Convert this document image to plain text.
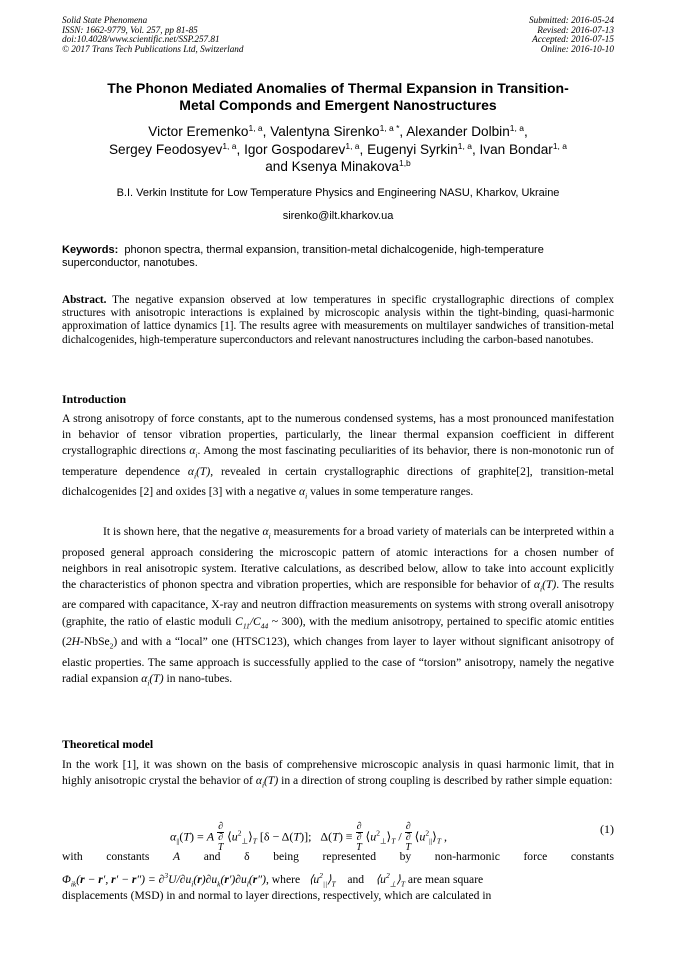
Solid State Phenomena
ISSN: 1662-9779, Vol. 257, pp 81-85
doi:10.4028/www.scientific.net/SSP.257.81
© 2017 Trans Tech Publications Ltd, Switzerland
Submitted: 2016-05-24
Revised: 2016-07-13
Accepted: 2016-07-15
Online: 2016-10-10
The Phonon Mediated Anomalies of Thermal Expansion in Transition-
Metal Componds and Emergent Nanostructures
Victor Eremenko$^{1, a}$, Valentyna Sirenko$^{1, a *}$, Alexander Dolbin$^{1, a}$,
Sergey Feodosyev$^{1, a}$, Igor Gospodarev$^{1, a}$, Eugenyi Syrkin$^{1, a}$, Ivan Bondar$^{1, a}$
and Ksenya Minakova$^{1,b}$
B.I. Verkin Institute for Low Temperature Physics and Engineering NASU, Kharkov, Ukraine
sirenko@ilt.kharkov.ua
Keywords: phonon spectra, thermal expansion, transition-metal dichalcogenide, high-temperature superconductor, nanotubes.
Abstract. The negative expansion observed at low temperatures in specific crystallographic directions of complex structures with anisotropic interactions is explained by microscopic analysis within the tight-binding, quasi-harmonic approximation of lattice dynamics [1]. The results agree with measurements on multilayer sandwiches of transition-metal dichalcogenides, high-temperature superconductors and relevant nanostructures including the carbon-based nanotubes.
Introduction
A strong anisotropy of force constants, apt to the numerous condensed systems, has a most pronounced manifestation in behavior of tensor vibration properties, particularly, the linear thermal expansion coefficient in different crystallographic directions $\alpha_i$. Among the most fascinating peculiarities of its behavior, there is non-monotonic run of temperature dependence $\alpha_i(T)$, revealed in certain crystallographic directions of graphite[2], transition-metal dichalcogenides [2] and oxides [3] with a negative $\alpha_i$ values in some temperature ranges.
It is shown here, that the negative $\alpha_i$ measurements for a broad variety of materials can be interpreted within a proposed general approach considering the microscopic pattern of atomic interactions for a chosen number of neighbors in real anisotropic system. Iterative calculations, as described below, allow to take into account explicitly the characteristics of phonon spectra and vibration properties, which are responsible for behavior of $\alpha_i(T)$. The results are compared with capacitance, X-ray and neutron diffraction measurements on systems with strong overall anisotropy (graphite, the ratio of elastic moduli $C_{11}/C_{44}$ ~ 300), with the medium anisotropy, pertained to specific atomic entities (2H-NbSe$_2$) and with a “local” one (HTSC123), which changes from layer to layer without significant anisotropy of elastic properties. The same approach is successfully applied to the case of “torsion” anisotropy, namely the negative radial expansion $\alpha_i(T)$ in nano-tubes.
Theoretical model
In the work [1], it was shown on the basis of comprehensive microscopic analysis in quasi harmonic limit, that in highly anisotropic crystal the behavior of $\alpha_i(T)$ in a direction of strong coupling is described by rather simple equation:
$\alpha_{||}(T) = A$ ∂
∂
T $⟨u^2_\perp⟩_T$ [δ − Δ(T)];   Δ(T) ≡ ∂
∂
T $⟨u^2_\perp⟩_T$ / ∂
∂
T $⟨u^2_{||}⟩_T$ ,
(1)
with constants A and δ being represented by non-harmonic force constants
$\Phi_{ik}(r - r'$, $r' - r'') = \partial^3U/\partial u_i(r)\partial u_k(r')\partial u_l(r'')$, where $⟨u^2_{||}⟩_T$ and $⟨u^2_\perp⟩_T$ are mean square
displacements (MSD) in and normal to layer directions, respectively, which are calculated in
